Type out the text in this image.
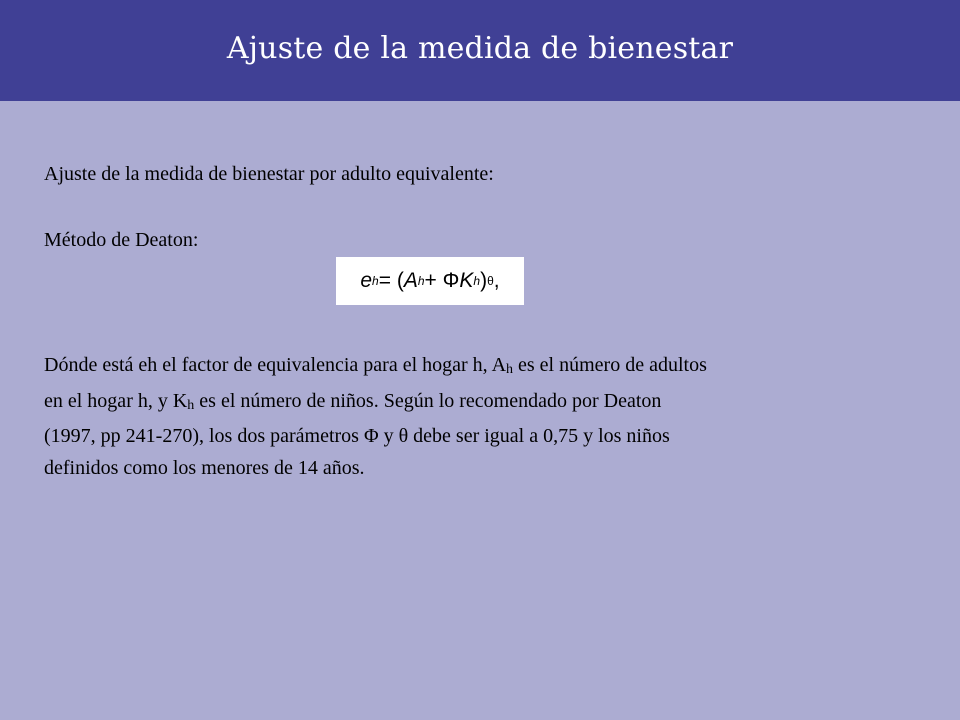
Ajuste de la medida de bienestar
Ajuste de la medida de bienestar por adulto equivalente:
Método de Deaton:
e h = ( A h + Φ K h ) θ ,
Dónde está eh el factor de equivalencia para el hogar h, $A_h$ es el número de adultos
en el hogar h, y $K_h$ es el número de niños. Según lo recomendado por Deaton
(1997, pp 241-270), los dos parámetros Φ y θ debe ser igual a 0,75 y los niños
definidos como los menores de 14 años.
